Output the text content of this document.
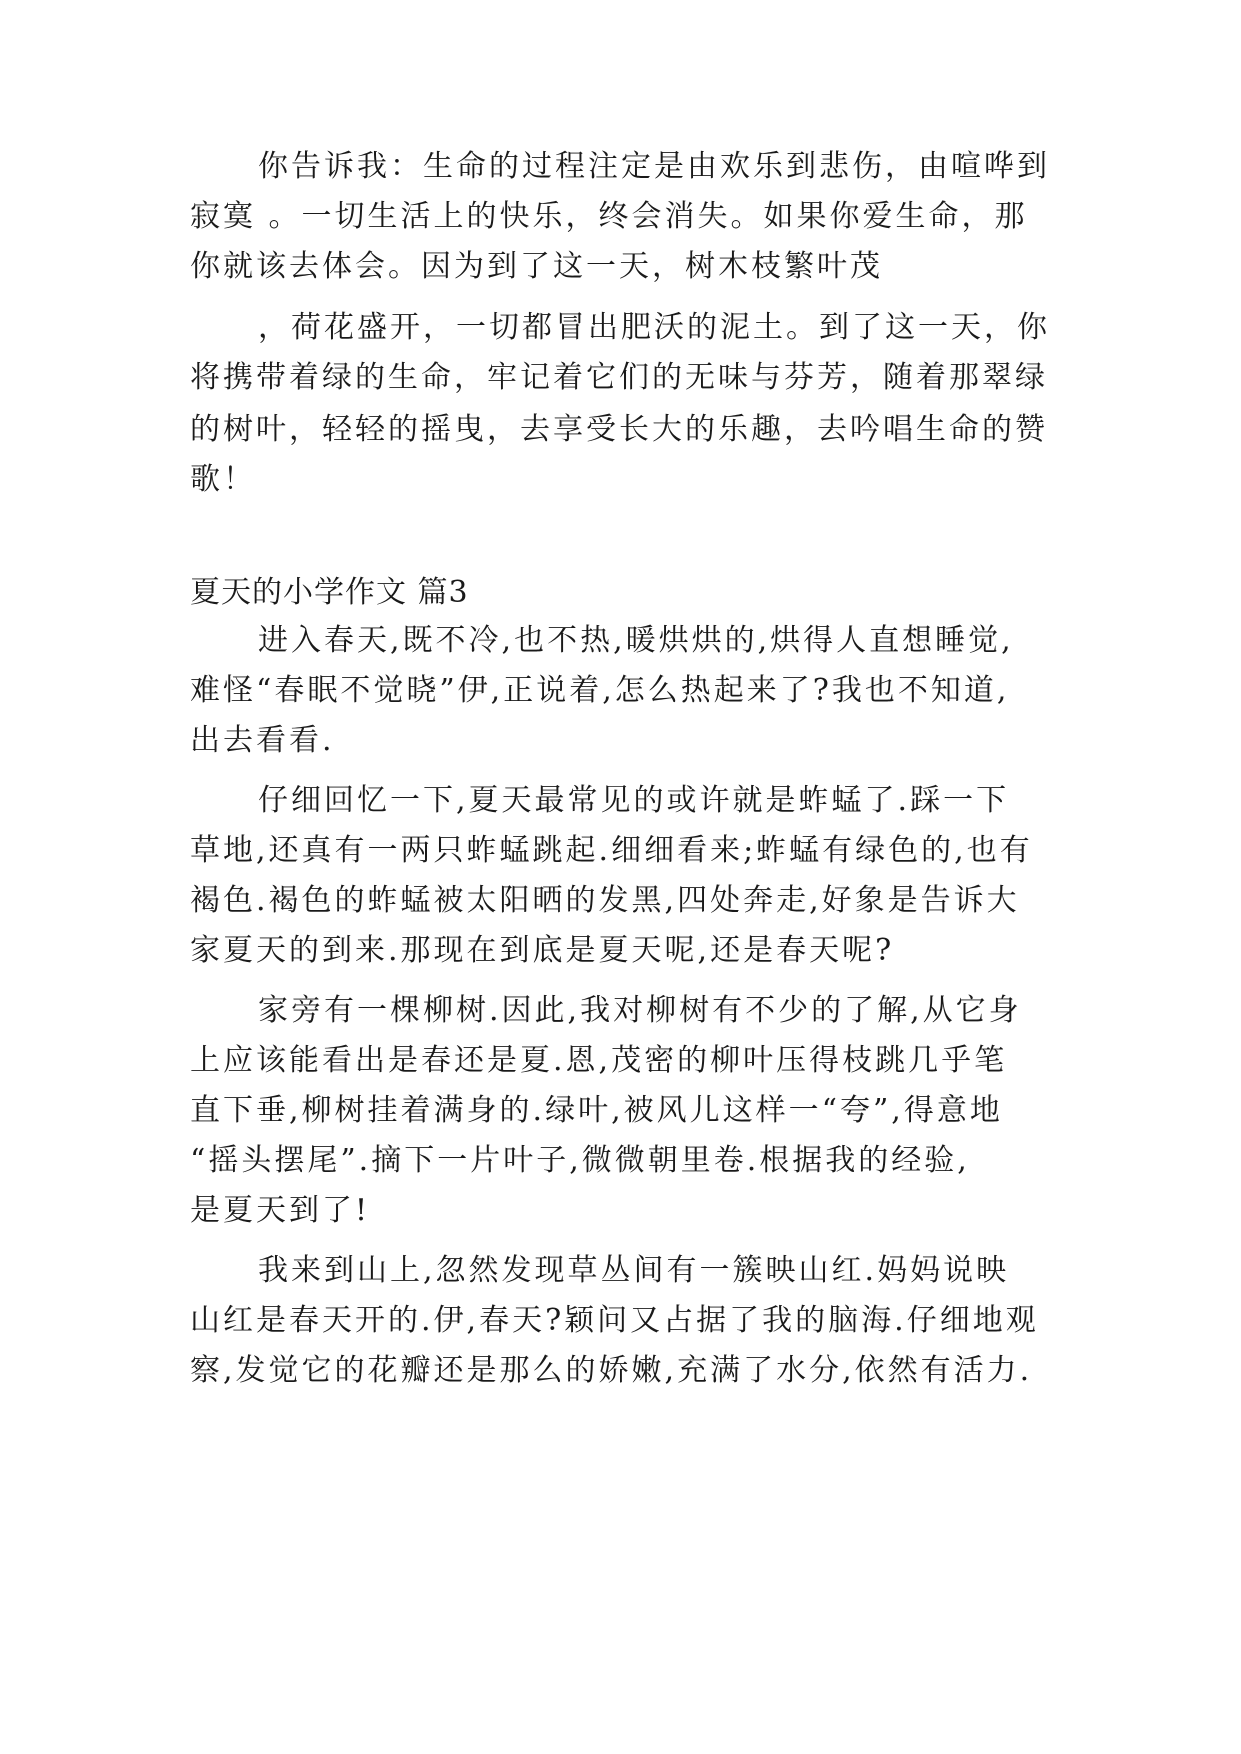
你告诉我：生命的过程注定是由欢乐到悲伤，由喧哗到
寂寞 。一切生活上的快乐，终会消失。如果你爱生命，那
你就该去体会。因为到了这一天，树木枝繁叶茂
，荷花盛开，一切都冒出肥沃的泥土。到了这一天，你
将携带着绿的生命，牢记着它们的无味与芬芳，随着那翠绿
的树叶，轻轻的摇曳，去享受长大的乐趣，去吟唱生命的赞
歌！
夏天的小学作文 篇3
进入春天,既不冷,也不热,暖烘烘的,烘得人直想睡觉,
难怪“春眠不觉晓”伊,正说着,怎么热起来了?我也不知道,
出去看看.
仔细回忆一下,夏天最常见的或许就是蚱蜢了.踩一下
草地,还真有一两只蚱蜢跳起.细细看来;蚱蜢有绿色的,也有
褐色.褐色的蚱蜢被太阳晒的发黑,四处奔走,好象是告诉大
家夏天的到来.那现在到底是夏天呢,还是春天呢?
家旁有一棵柳树.因此,我对柳树有不少的了解,从它身
上应该能看出是春还是夏.恩,茂密的柳叶压得枝跳几乎笔
直下垂,柳树挂着满身的.绿叶,被风儿这样一“夸”,得意地
“摇头摆尾”.摘下一片叶子,微微朝里卷.根据我的经验,
是夏天到了!
我来到山上,忽然发现草丛间有一簇映山红.妈妈说映
山红是春天开的.伊,春天?颖问又占据了我的脑海.仔细地观
察,发觉它的花瓣还是那么的娇嫩,充满了水分,依然有活力.
